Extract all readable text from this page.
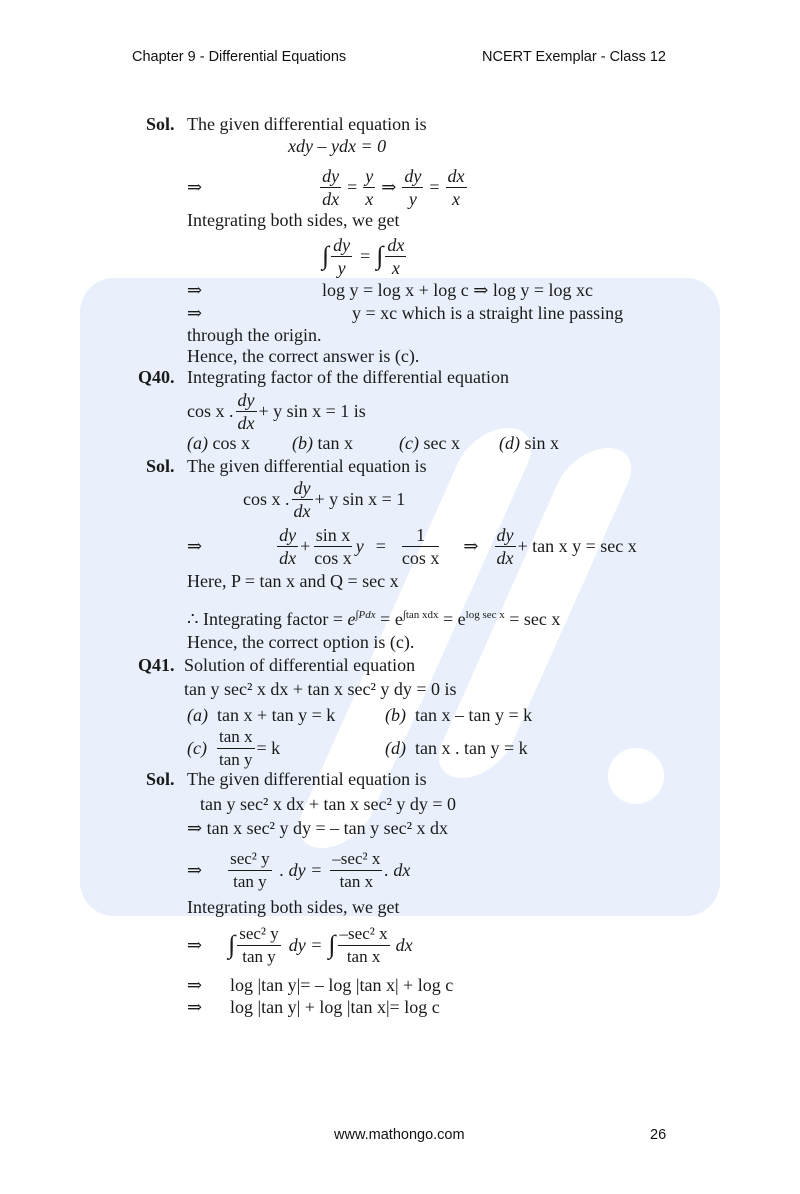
Chapter 9 - Differential Equations	NCERT Exemplar - Class 12
Sol. The given differential equation is
xdy – ydx = 0
⇒	$\frac{dy}{dx} = \frac{y}{x}$ ⇒ $\frac{dy}{y} = \frac{dx}{x}$
Integrating both sides, we get
∫ $\frac{dy}{y}$ = ∫ $\frac{dx}{x}$
⇒	log y = log x + log c ⇒ log y = log xc
⇒	y = xc which is a straight line passing
through the origin.
Hence, the correct answer is (c).
Q40. Integrating factor of the differential equation
cos x . $\frac{dy}{dx} + y$ sin x = 1 is
(a) cos x (b) tan x	(c) sec x (d) sin x
Sol. The given differential equation is
cos x . $\frac{dy}{dx} + y$ sin x = 1
⇒	$\frac{dy}{dx} + \frac{\text{sin x}}{\text{cos x}}$ $y = \frac{1}{\text{cos x}}$ ⇒ $\frac{dy}{dx} + \tan x$ y = sec x
Here, P = tan x and Q = sec x
∴ Integrating factor = $e^{\int Pdx} = e^{\int tan xdx} = e^{log sec x} = \sec x$
Hence, the correct option is (c).
Q41. Solution of differential equation
tan y sec² x dx + tan x sec² y dy = 0 is
(a) tan x + tan y = k	(b) tan x – tan y = k
$(c) \frac{\text{tan x}}{\text{tan y}} = k$	(d) tan x . tan y = k
Sol. The given differential equation is
tan y sec² x dx + tan x sec² y dy = 0
⇒ tan x sec² y dy = – tan y sec² x dx
⇒ $\frac{\text{sec² y}}{\text{tan y}}$ . dy = $\frac{\text{–sec² x}}{\text{tan x}}$ . dx
Integrating both sides, we get
⇒ ∫ $\frac{\text{sec² y}}{\text{tan y}}$ dy = ∫ $\frac{\text{–sec² x}}{\text{tan x}}$ dx
⇒ log |tan y|= – log |tan x| + log c
⇒ log |tan y| + log |tan x|= log c
www.mathongo.com	26
